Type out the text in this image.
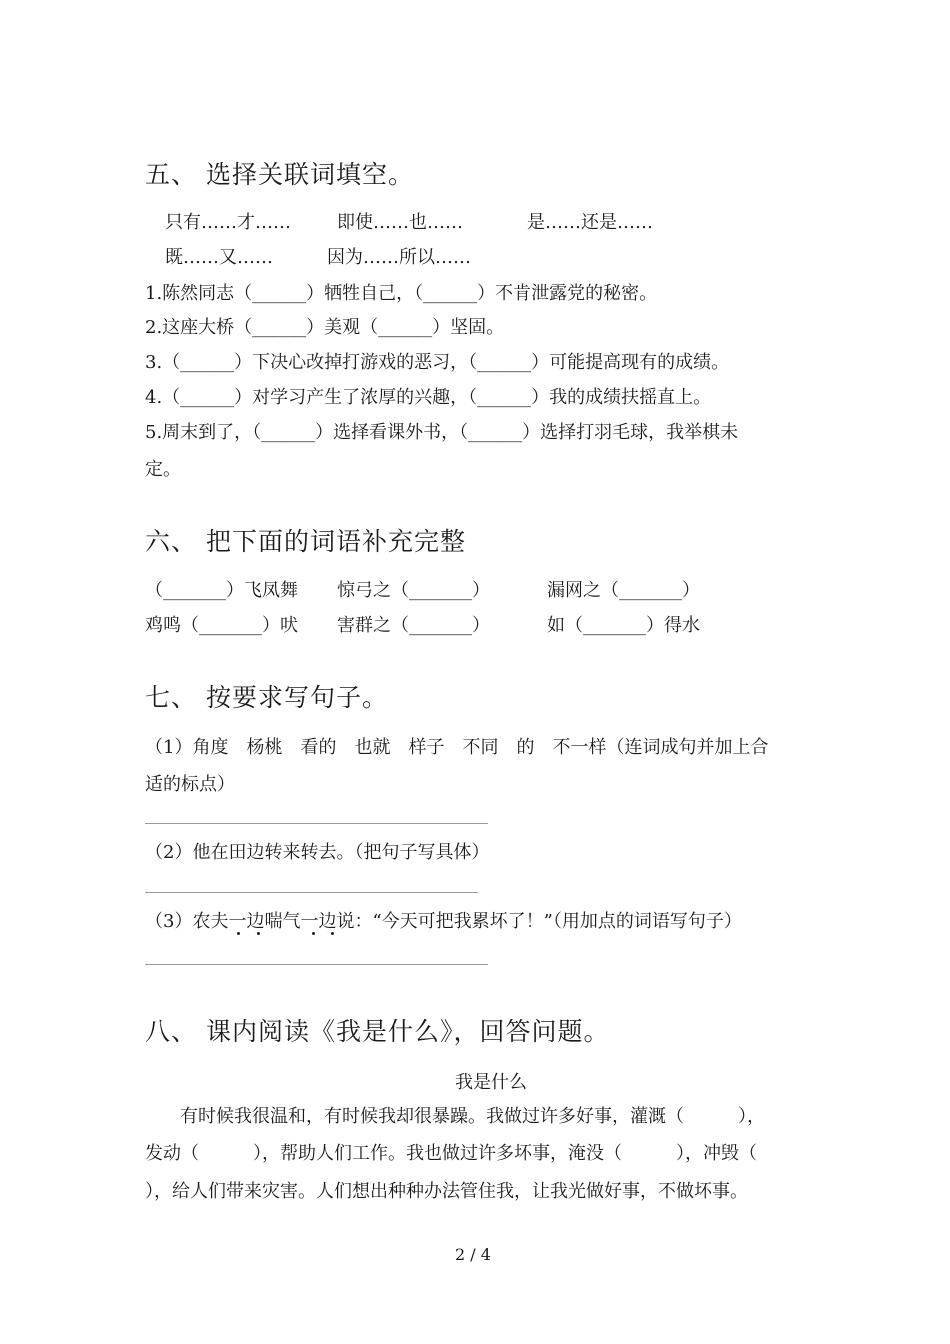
五、 选择关联词填空。
只有……才……	即使……也……	是……还是……
既……又……	因为……所以……
1.陈然同志（______）牺牲自己，（______）不肯泄露党的秘密。
2.这座大桥（______）美观（______）坚固。
3.（______）下决心改掉打游戏的恶习，（______）可能提高现有的成绩。
4.（______）对学习产生了浓厚的兴趣，（______）我的成绩扶摇直上。
5.周末到了，（______）选择看课外书，（______）选择打羽毛球，我举棋未
定。
六、 把下面的词语补充完整
（_______）飞凤舞 惊弓之（_______）	漏网之（_______）
鸡鸣（_______）吠 害群之（_______）	如（_______）得水
七、 按要求写句子。
（1）角度　杨桃　看的　也就　样子　不同　的　不一样（连词成句并加上合
适的标点）
（2）他在田边转来转去。（把句子写具体）
（3）农夫一边喘气一边说：“今天可把我累坏了！”（用加点的词语写句子）
八、 课内阅读《我是什么》，回答问题。
我是什么
有时候我很温和，有时候我却很暴躁。我做过许多好事，灌溉（　　　），
发动（　　　），帮助人们工作。我也做过许多坏事，淹没（　　　），冲毁（
），给人们带来灾害。人们想出种种办法管住我，让我光做好事，不做坏事。
2 / 4
